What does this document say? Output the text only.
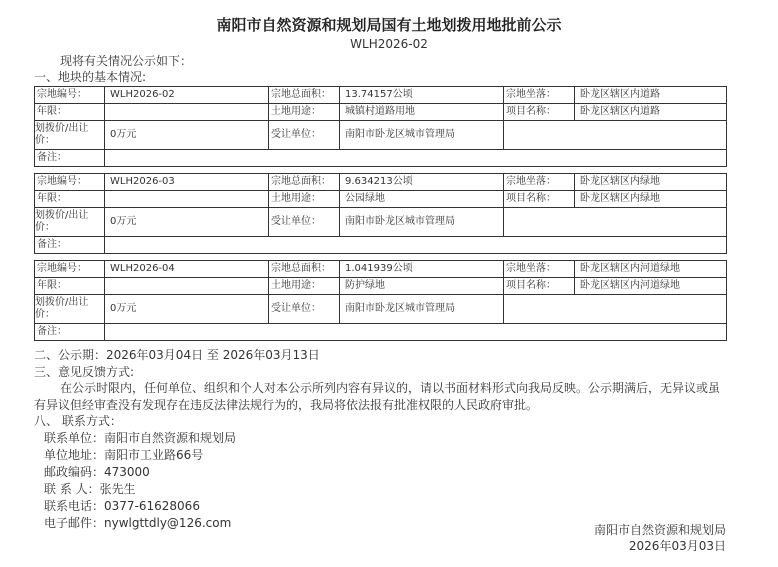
南阳市自然资源和规划局国有土地划拨用地批前公示
WLH2026-02
现将有关情况公示如下：
一、地块的基本情况:
宗地编号：	WLH2026-02	宗地总面积：	13.74157公顷	宗地坐落：	卧龙区辖区内道路
年限：		土地用途：	城镇村道路用地	项目名称：	卧龙区辖区内道路
划拨价/出让价：	0万元	受让单位：	南阳市卧龙区城市管理局		
备注：					
宗地编号：	WLH2026-03	宗地总面积：	9.634213公顷	宗地坐落：	卧龙区辖区内绿地
年限：		土地用途：	公园绿地	项目名称：	卧龙区辖区内绿地
划拨价/出让价：	0万元	受让单位：	南阳市卧龙区城市管理局		
备注：					
宗地编号：	WLH2026-04	宗地总面积：	1.041939公顷	宗地坐落：	卧龙区辖区内河道绿地
年限：		土地用途：	防护绿地	项目名称：	卧龙区辖区内河道绿地
划拨价/出让价：	0万元	受让单位：	南阳市卧龙区城市管理局		
备注：					
二、公示期：2026年03月04日 至 2026年03月13日
三、意见反馈方式:
在公示时限内，任何单位、组织和个人对本公示所列内容有异议的，请以书面材料形式向我局反映。公示期满后，无异议或虽有异议但经审查没有发现存在违反法律法规行为的，我局将依法报有批准权限的人民政府审批。
八、 联系方式：
联系单位：南阳市自然资源和规划局
单位地址：南阳市工业路66号
邮政编码：473000
联 系 人：张先生
联系电话：0377-61628066
电子邮件：nywlgttdly@126.com	南阳市自然资源和规划局
2026年03月03日
